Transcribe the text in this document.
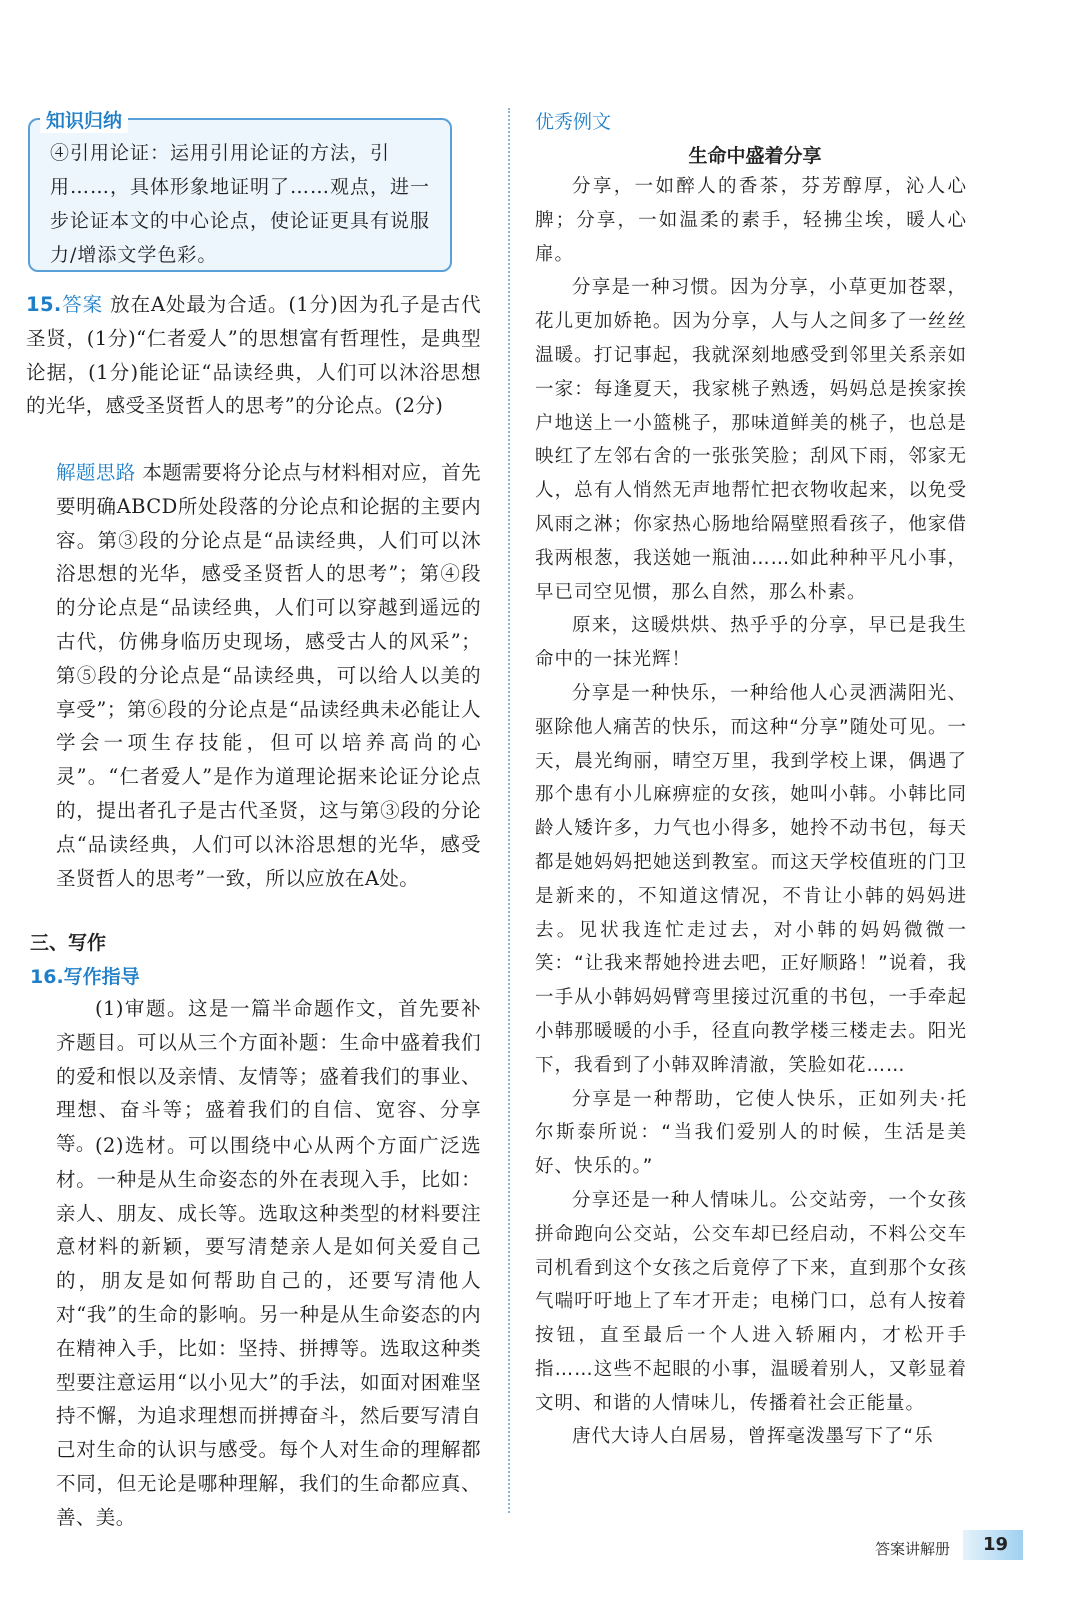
知识归纳
④引用论证：运用引用论证的方法，引用……，具体形象地证明了……观点，进一步论证本文的中心论点，使论证更具有说服力/增添文学色彩。
15.答案 放在A处最为合适。(1分)因为孔子是古代圣贤，(1分)“仁者爱人”的思想富有哲理性，是典型论据，(1分)能论证“品读经典，人们可以沐浴思想的光华，感受圣贤哲人的思考”的分论点。(2分)
解题思路 本题需要将分论点与材料相对应，首先要明确ABCD所处段落的分论点和论据的主要内容。第③段的分论点是“品读经典，人们可以沐浴思想的光华，感受圣贤哲人的思考”；第④段的分论点是“品读经典，人们可以穿越到遥远的古代，仿佛身临历史现场，感受古人的风采”；第⑤段的分论点是“品读经典，可以给人以美的享受”；第⑥段的分论点是“品读经典未必能让人学会一项生存技能，但可以培养高尚的心灵”。“仁者爱人”是作为道理论据来论证分论点的，提出者孔子是古代圣贤，这与第③段的分论点“品读经典，人们可以沐浴思想的光华，感受圣贤哲人的思考”一致，所以应放在A处。
三、写作
16.写作指导
(1)审题。这是一篇半命题作文，首先要补齐题目。可以从三个方面补题：生命中盛着我们的爱和恨以及亲情、友情等；盛着我们的事业、理想、奋斗等；盛着我们的自信、宽容、分享等。 (2)选材。可以围绕中心从两个方面广泛选材。一种是从生命姿态的外在表现入手，比如：亲人、朋友、成长等。选取这种类型的材料要注意材料的新颖，要写清楚亲人是如何关爱自己的，朋友是如何帮助自己的，还要写清他人对“我”的生命的影响。另一种是从生命姿态的内在精神入手，比如：坚持、拼搏等。选取这种类型要注意运用“以小见大”的手法，如面对困难坚持不懈，为追求理想而拼搏奋斗，然后要写清自己对生命的认识与感受。每个人对生命的理解都不同，但无论是哪种理解，我们的生命都应真、善、美。
优秀例文
生命中盛着分享

分享，一如醉人的香茶，芬芳醇厚，沁人心脾；分享，一如温柔的素手，轻拂尘埃，暖人心扉。

分享是一种习惯。因为分享，小草更加苍翠，花儿更加娇艳。因为分享，人与人之间多了一丝丝温暖。打记事起，我就深刻地感受到邻里关系亲如一家：每逢夏天，我家桃子熟透，妈妈总是挨家挨户地送上一小篮桃子，那味道鲜美的桃子，也总是映红了左邻右舍的一张张笑脸；刮风下雨，邻家无人，总有人悄然无声地帮忙把衣物收起来，以免受风雨之淋；你家热心肠地给隔壁照看孩子，他家借我两根葱，我送她一瓶油……如此种种平凡小事，早已司空见惯，那么自然，那么朴素。

原来，这暖烘烘、热乎乎的分享，早已是我生命中的一抹光辉！

分享是一种快乐，一种给他人心灵洒满阳光、驱除他人痛苦的快乐，而这种“分享”随处可见。一天，晨光绚丽，晴空万里，我到学校上课，偶遇了那个患有小儿麻痹症的女孩，她叫小韩。小韩比同龄人矮许多，力气也小得多，她拎不动书包，每天都是她妈妈把她送到教室。而这天学校值班的门卫是新来的，不知道这情况，不肯让小韩的妈妈进去。见状我连忙走过去，对小韩的妈妈微微一笑：“让我来帮她拎进去吧，正好顺路！”说着，我一手从小韩妈妈臂弯里接过沉重的书包，一手牵起小韩那暖暖的小手，径直向教学楼三楼走去。阳光下，我看到了小韩双眸清澈，笑脸如花……

分享是一种帮助，它使人快乐，正如列夫·托尔斯泰所说：“当我们爱别人的时候，生活是美好、快乐的。”

分享还是一种人情味儿。公交站旁，一个女孩拼命跑向公交站，公交车却已经启动，不料公交车司机看到这个女孩之后竟停了下来，直到那个女孩气喘吁吁地上了车才开走；电梯门口，总有人按着按钮，直至最后一个人进入轿厢内，才松开手指……这些不起眼的小事，温暖着别人，又彰显着文明、和谐的人情味儿，传播着社会正能量。

唐代大诗人白居易，曾挥毫泼墨写下了“乐

答案讲解册	19
